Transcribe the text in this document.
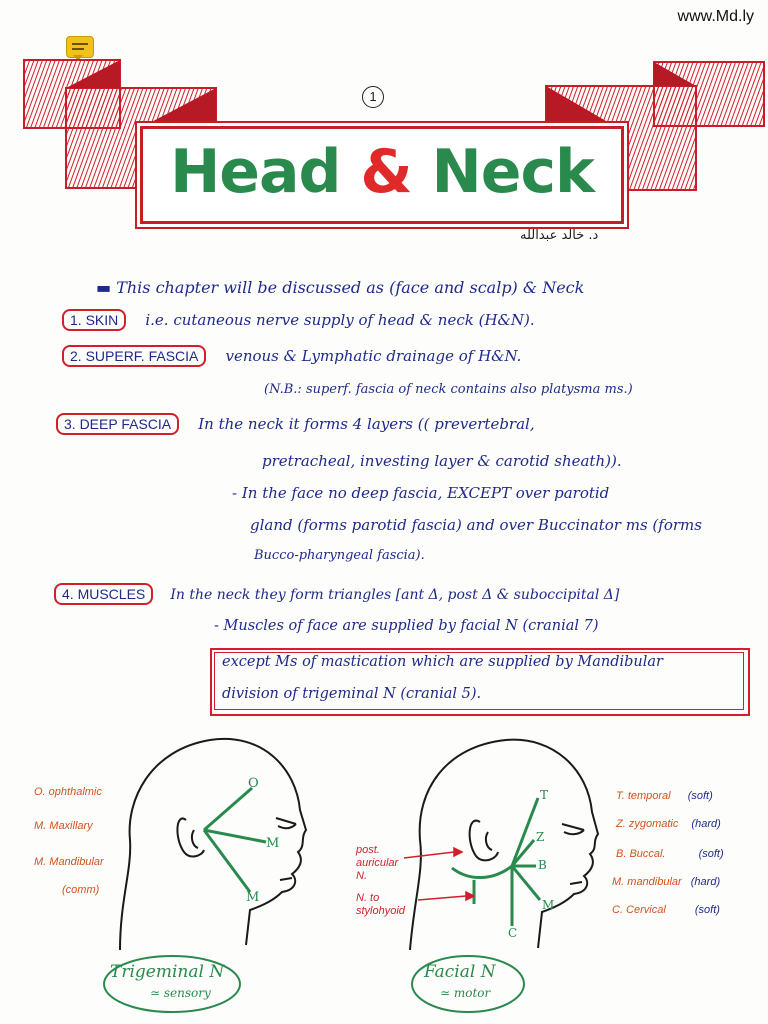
www.Md.ly
1
Head & Neck
د. خالد عبدالله
▬ This chapter will be discussed as (face and scalp) & Neck
1. SKIN i.e. cutaneous nerve supply of head & neck (H&N).
2. SUPERF. FASCIA venous & Lymphatic drainage of H&N.
(N.B.: superf. fascia of neck contains also platysma ms.)
3. DEEP FASCIA In the neck it forms 4 layers (( prevertebral,
pretracheal, investing layer & carotid sheath)).
- In the face no deep fascia, EXCEPT over parotid
gland (forms parotid fascia) and over Buccinator ms (forms
Bucco-pharyngeal fascia).
4. MUSCLES In the neck they form triangles [ant Δ, post Δ & suboccipital Δ]
- Muscles of face are supplied by facial N (cranial 7)
except Ms of mastication which are supplied by Mandibular
division of trigeminal N (cranial 5).
O. ophthalmic
M. Maxillary
M. Mandibular
(comm)
O
M
M
Trigeminal N
≃ sensory
post. auricular N.
N. to stylohyoid
T
Z
B
M
C
T. temporal (soft)
Z. zygomatic (hard)
B. Buccal.	(soft)
M. mandibular (hard)
C. Cervical	(soft)
Facial N
≃ motor
